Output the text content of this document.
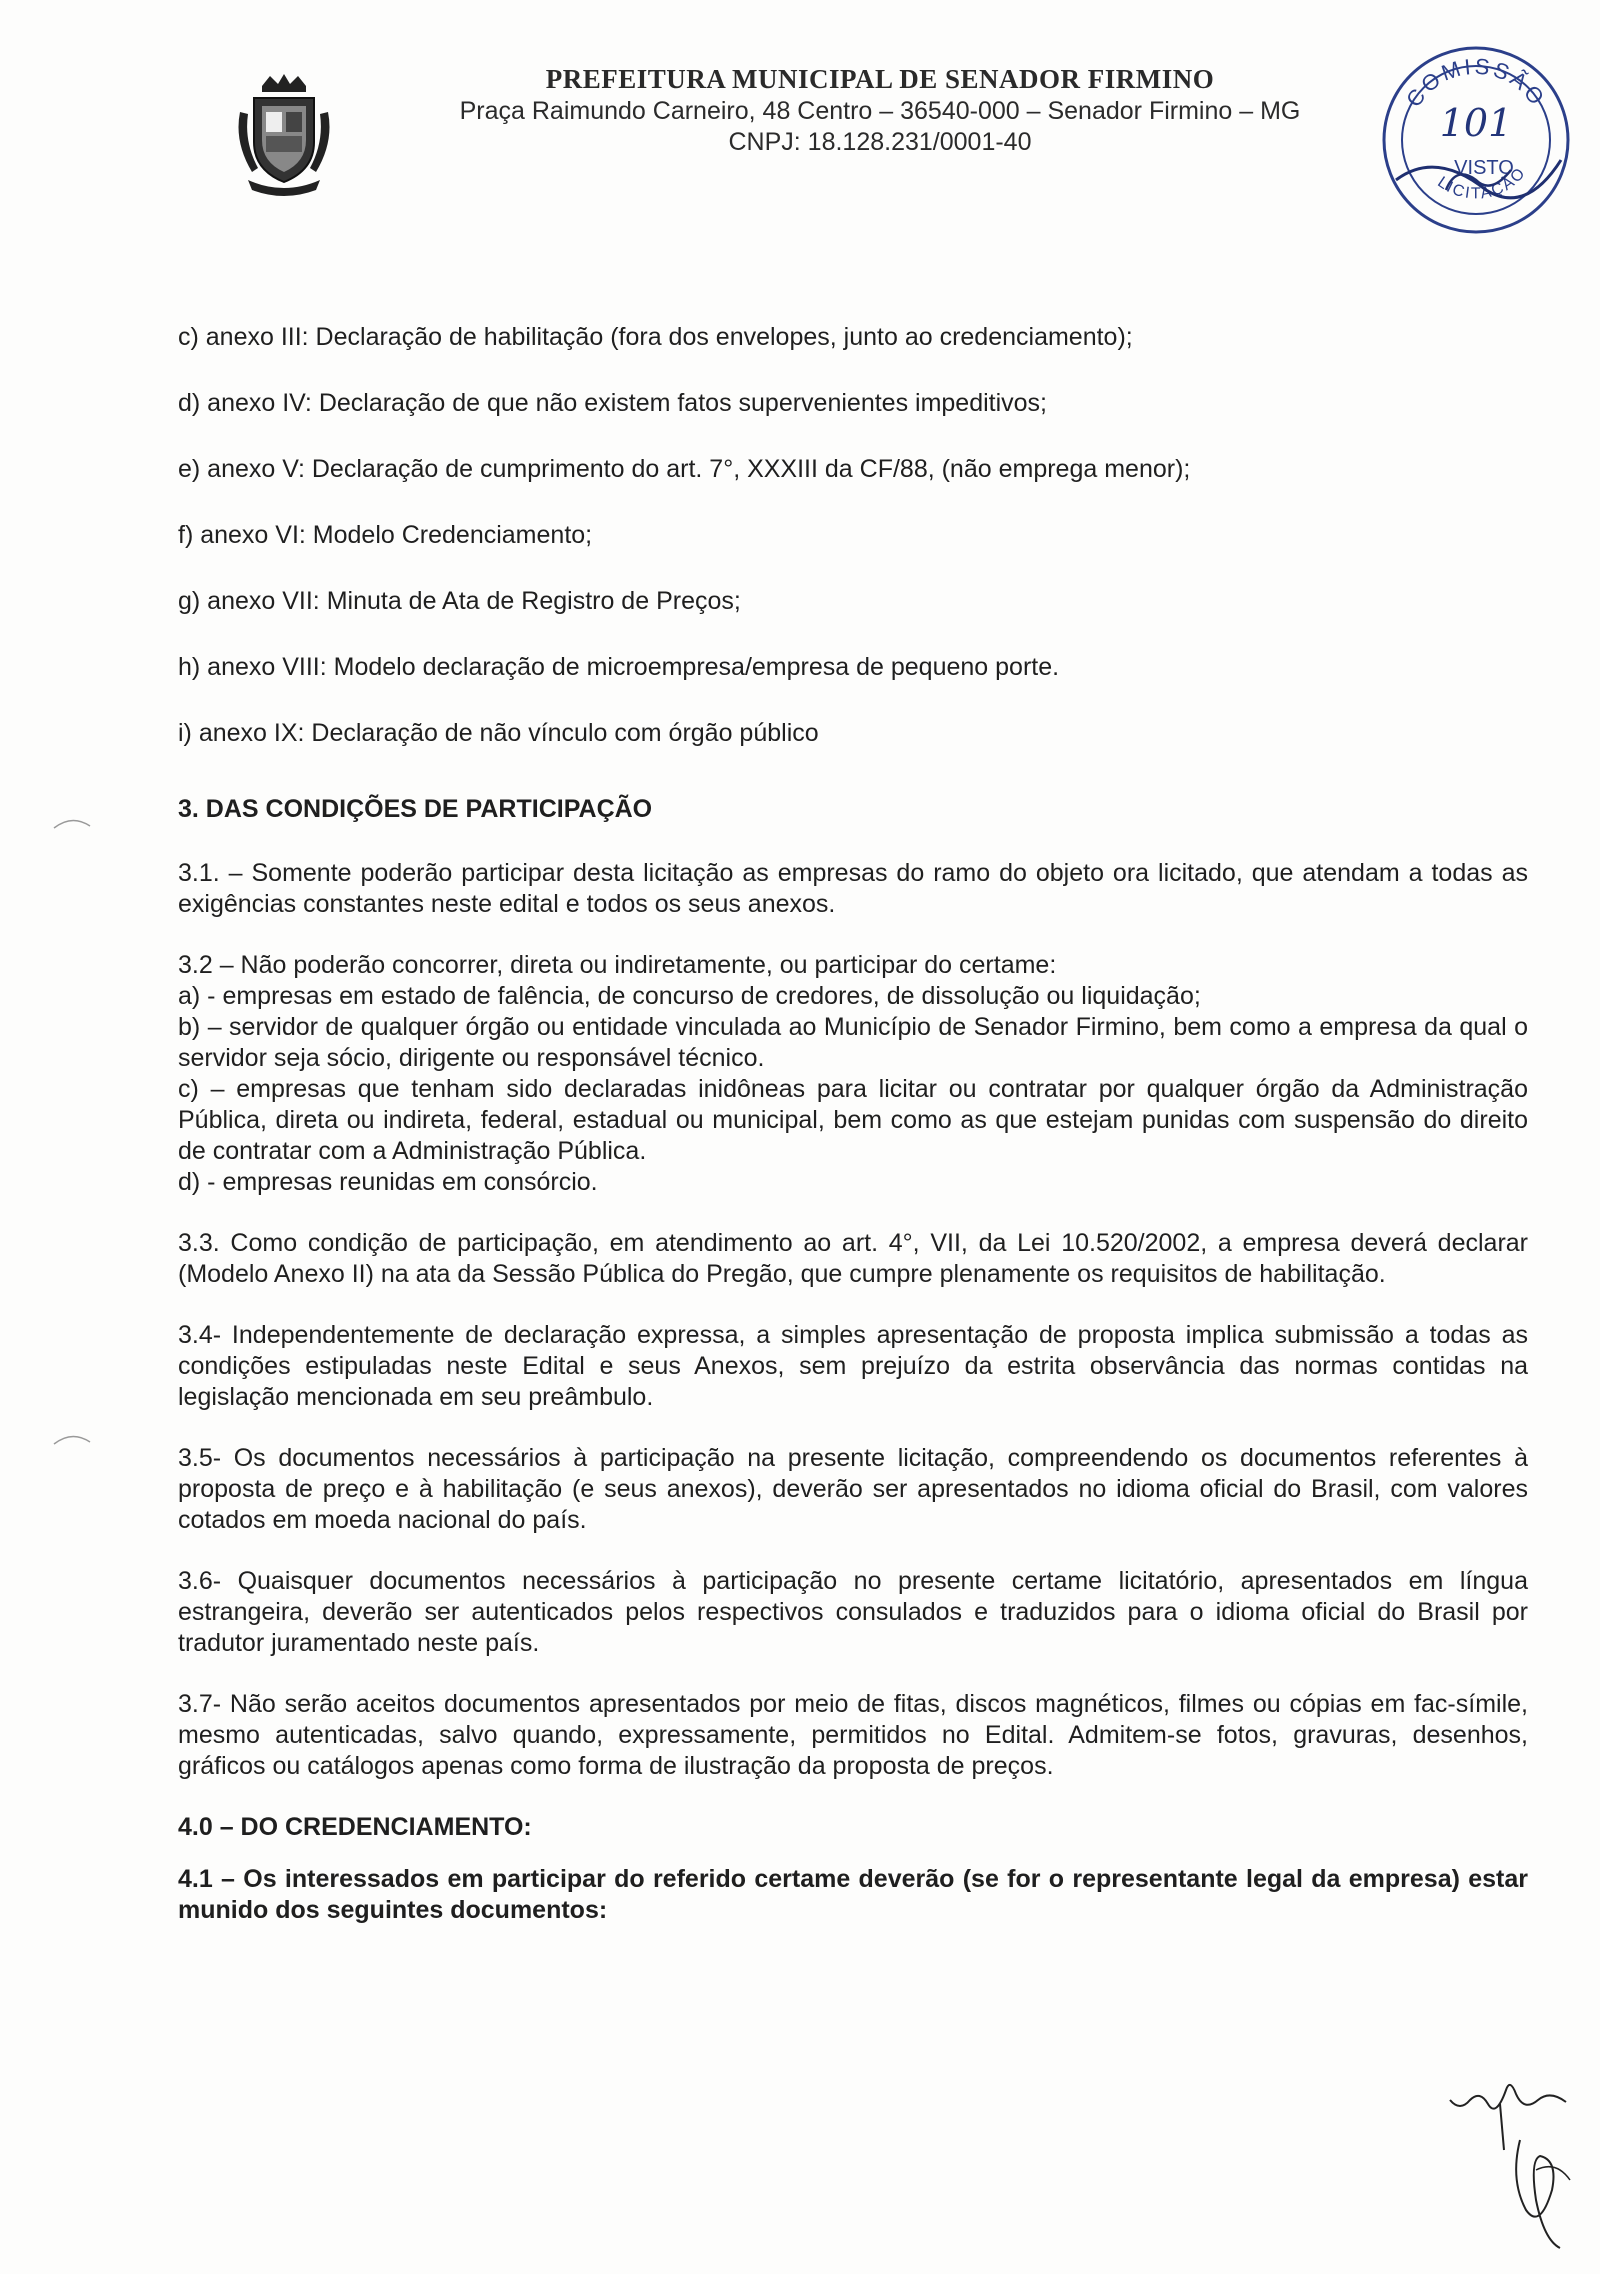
PREFEITURA MUNICIPAL DE SENADOR FIRMINO
Praça Raimundo Carneiro, 48 Centro – 36540-000 – Senador Firmino – MG
CNPJ: 18.128.231/0001-40
COMISSÃO
101
VISTO
LICITAÇÃO
c) anexo III: Declaração de habilitação (fora dos envelopes, junto ao credenciamento);
d) anexo IV: Declaração de que não existem fatos supervenientes impeditivos;
e) anexo V: Declaração de cumprimento do art. 7°, XXXIII da CF/88, (não emprega menor);
f) anexo VI: Modelo Credenciamento;
g) anexo VII: Minuta de Ata de Registro de Preços;
h) anexo VIII: Modelo declaração de microempresa/empresa de pequeno porte.
i) anexo IX: Declaração de não vínculo com órgão público
3. DAS CONDIÇÕES DE PARTICIPAÇÃO
3.1. – Somente poderão participar desta licitação as empresas do ramo do objeto ora licitado, que atendam a todas as exigências constantes neste edital e todos os seus anexos.
3.2 – Não poderão concorrer, direta ou indiretamente, ou participar do certame:
a) - empresas em estado de falência, de concurso de credores, de dissolução ou liquidação;
b) – servidor de qualquer órgão ou entidade vinculada ao Município de Senador Firmino, bem como a empresa da qual o servidor seja sócio, dirigente ou responsável técnico.
c) – empresas que tenham sido declaradas inidôneas para licitar ou contratar por qualquer órgão da Administração Pública, direta ou indireta, federal, estadual ou municipal, bem como as que estejam punidas com suspensão do direito de contratar com a Administração Pública.
d) - empresas reunidas em consórcio.
3.3. Como condição de participação, em atendimento ao art. 4°, VII, da Lei 10.520/2002, a empresa deverá declarar (Modelo Anexo II) na ata da Sessão Pública do Pregão, que cumpre plenamente os requisitos de habilitação.
3.4- Independentemente de declaração expressa, a simples apresentação de proposta implica submissão a todas as condições estipuladas neste Edital e seus Anexos, sem prejuízo da estrita observância das normas contidas na legislação mencionada em seu preâmbulo.
3.5- Os documentos necessários à participação na presente licitação, compreendendo os documentos referentes à proposta de preço e à habilitação (e seus anexos), deverão ser apresentados no idioma oficial do Brasil, com valores cotados em moeda nacional do país.
3.6- Quaisquer documentos necessários à participação no presente certame licitatório, apresentados em língua estrangeira, deverão ser autenticados pelos respectivos consulados e traduzidos para o idioma oficial do Brasil por tradutor juramentado neste país.
3.7- Não serão aceitos documentos apresentados por meio de fitas, discos magnéticos, filmes ou cópias em fac-símile, mesmo autenticadas, salvo quando, expressamente, permitidos no Edital. Admitem-se fotos, gravuras, desenhos, gráficos ou catálogos apenas como forma de ilustração da proposta de preços.
4.0 – DO CREDENCIAMENTO:
4.1 – Os interessados em participar do referido certame deverão (se for o representante legal da empresa) estar munido dos seguintes documentos:
